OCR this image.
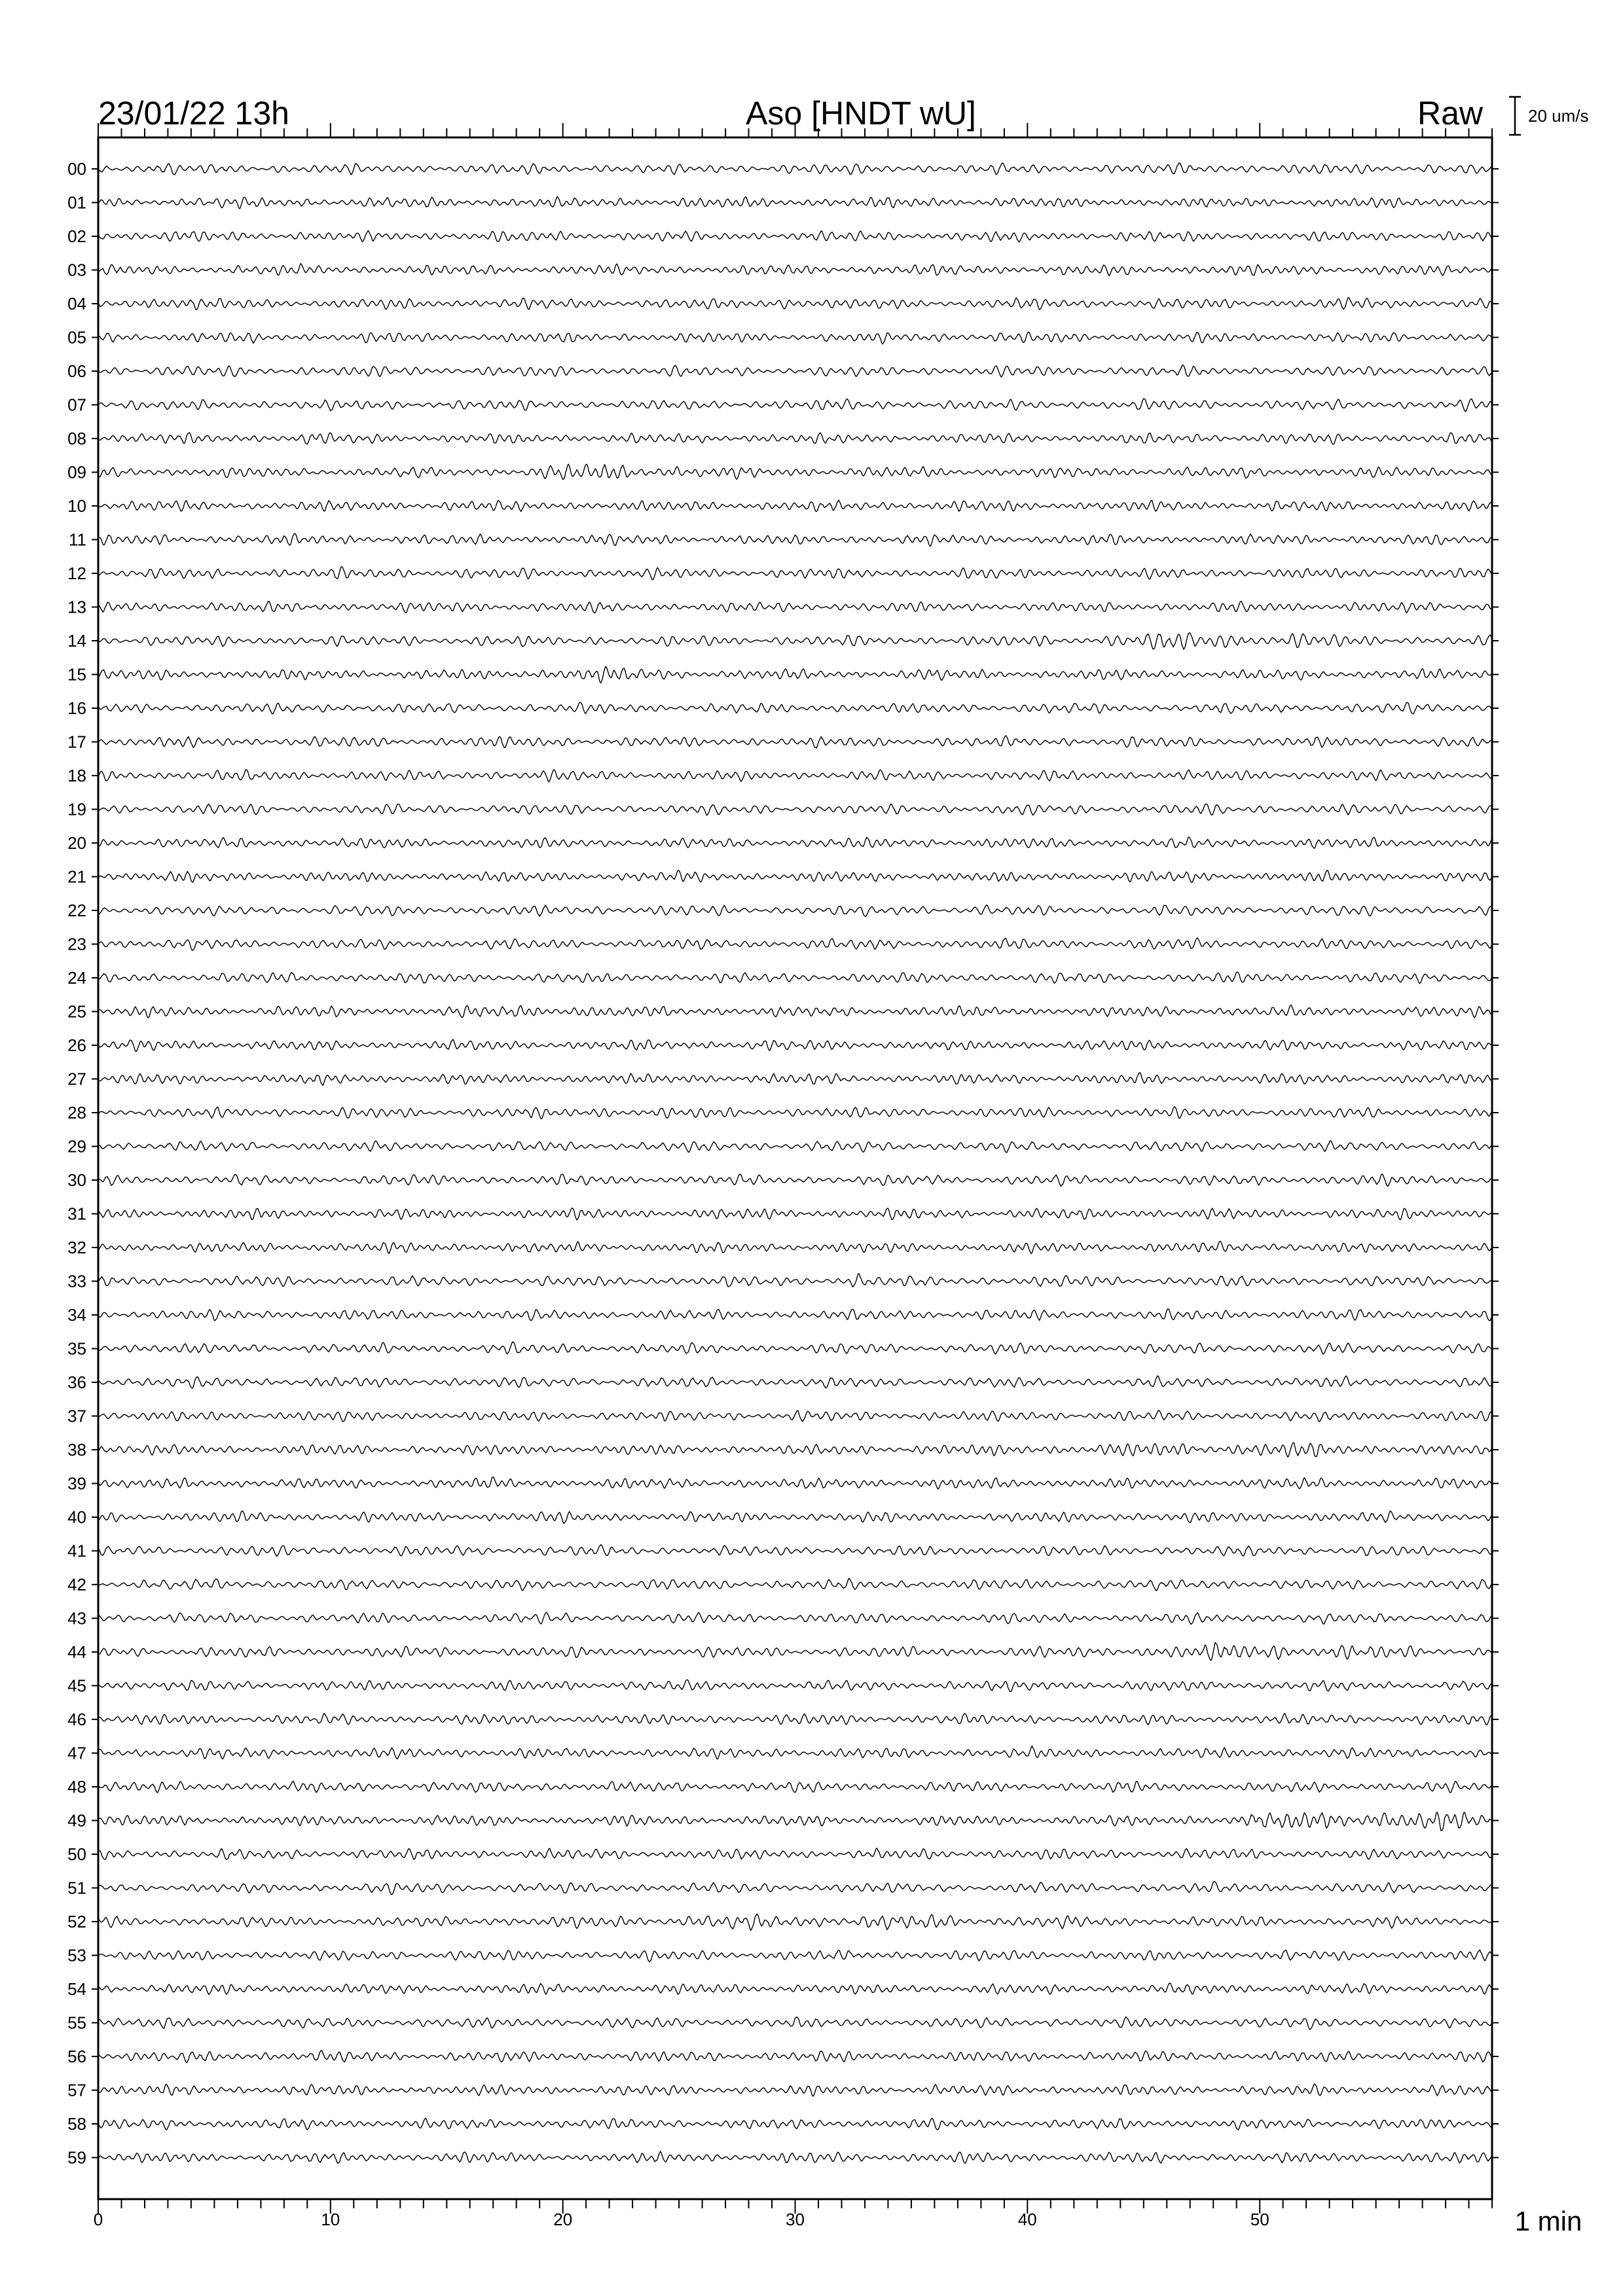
23/01/22 13h	Aso [HNDT wU]	Raw	20 um/s
00
01
02
03
04
05
06
07
08
09
10
11
12
13
14
15
16
17
18
19
20
21
22
23
24
25
26
27
28
29
30
31
32
33
34
35
36
37
38
39
40
41
42
43
44
45
46
47
48
49
50
51
52
53
54
55
56
57
58
59
0	10	20	30	40	50	1 min
